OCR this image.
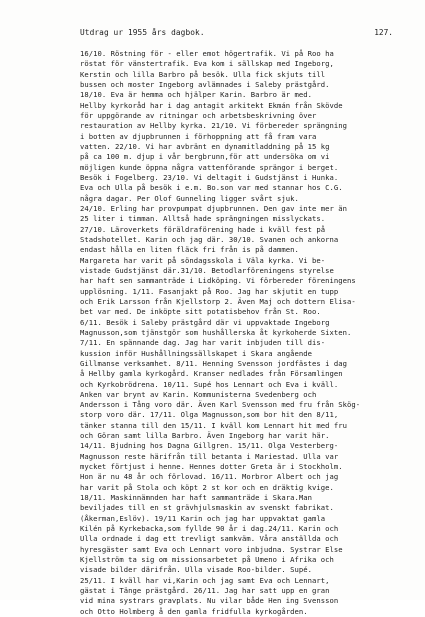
Utdrag ur 1955 års dagbok.	127.
16/10. Röstning för - eller emot högertrafik. Vi på Roo ha
röstat för vänstertrafik. Eva kom i sällskap med Ingeborg,
Kerstin och lilla Barbro på besök. Ulla fick skjuts till
bussen och moster Ingeborg avlämnades i Saleby prästgård.
18/10. Eva är hemma och hjälper Karin. Barbro är med.
Hellby kyrkoråd har i dag antagit arkitekt Ekmán från Skövde
för uppgörande av ritningar och arbetsbeskrivning över
restauration av Hellby kyrka. 21/10. Vi förbereder sprängning
i botten av djupbrunnen i förhoppning att få fram vara
vatten. 22/10. Vi har avbränt en dynamitladdning på 15 kg
på ca 100 m. djup i vår bergbrunn,för att undersöka om vi
möjligen kunde öppna några vattenförande sprängor i berget.
Besök i Fogelberg. 23/10. Vi deltagit i Gudstjänst i Hunka.
Eva och Ulla på besök i e.m. Bo.son var med stannar hos C.G.
några dagar. Per Olof Gunneling ligger svårt sjuk.
24/10. Erling har provpumpat djupbrunnen. Den gav inte mer än
25 liter i timman. Alltså hade sprängningen misslyckats.
27/10. Läroverkets föräldraförening hade i kväll fest på
Stadshotellet. Karin och jag där. 30/10. Svanen och ankorna
endast hålla en liten fläck fri från is på dammen.
Margareta har varit på söndagsskola i Väla kyrka. Vi be-
vistade Gudstjänst där.31/10. Betodlarföreningens styrelse
har haft sen sammanträde i Lidköping. Vi förbereder föreningens
upplösning. 1/11. Fasanjakt på Roo. Jag har skjutit en tupp
och Erik Larsson från Kjellstorp 2. Även Maj och dottern Elisa-
bet var med. De inköpte sitt potatisbehov från St. Roo.
6/11. Besök i Saleby prästgård där vi uppvaktade Ingeborg
Magnusson,som tjänstgör som hushållerska åt kyrkoherde Sixten.
7/11. En spännande dag. Jag har varit inbjuden till dis-
kussion inför Hushållningssällskapet i Skara angående
Gillmanse verksamhet. 8/11. Henning Svensson jordfästes i dag
å Hellby gamla kyrkogård. Kranser nedlades från Församlingen
och Kyrkobrödrena. 10/11. Supé hos Lennart och Eva i kväll.
Anken var brynt av Karin. Kommunisterna Svedenberg och
Andersson i Tång voro där. Även Karl Svensson med fru från Skög-
storp voro där. 17/11. Olga Magnusson,som bor hit den 8/11,
tänker stanna till den 15/11. I kväll kom Lennart hit med fru
och Göran samt lilla Barbro. Även Ingeborg har varit här.
14/11. Bjudning hos Dagna Gillgren. 15/11. Olga Vesterberg-
Magnusson reste härifrån till betanta i Mariestad. Ulla var
mycket förtjust i henne. Hennes dotter Greta är i Stockholm.
Hon är nu 48 år och förlovad. 16/11. Morbror Albert och jag
har varit på Stola och köpt 2 st kor och en dräktig kvige.
18/11. Maskinnämnden har haft sammanträde i Skara.Man
beviljades till en st grävhjulsmaskin av svenskt fabrikat.
(Åkerman,Eslöv). 19/11 Karin och jag har uppvaktat gamla
Kilén på Kyrkebacka,som fyllde 90 år i dag.24/11. Karin och
Ulla ordnade i dag ett trevligt samkväm. Våra anställda och
hyresgäster samt Eva och Lennart voro inbjudna. Systrar Else
Kjellström ta sig om missionsarbetet på Umeno i Afrika och
visade bilder därifrån. Ulla visade Roo-bilder. Supé.
25/11. I kväll har vi,Karin och jag samt Eva och Lennart,
gästat i Tänge prästgård. 26/11. Jag har satt upp en gran
vid mina systrars gravplats. Nu vilar både Hen ing Svensson
och Otto Holmberg å den gamla fridfulla kyrkogården.
